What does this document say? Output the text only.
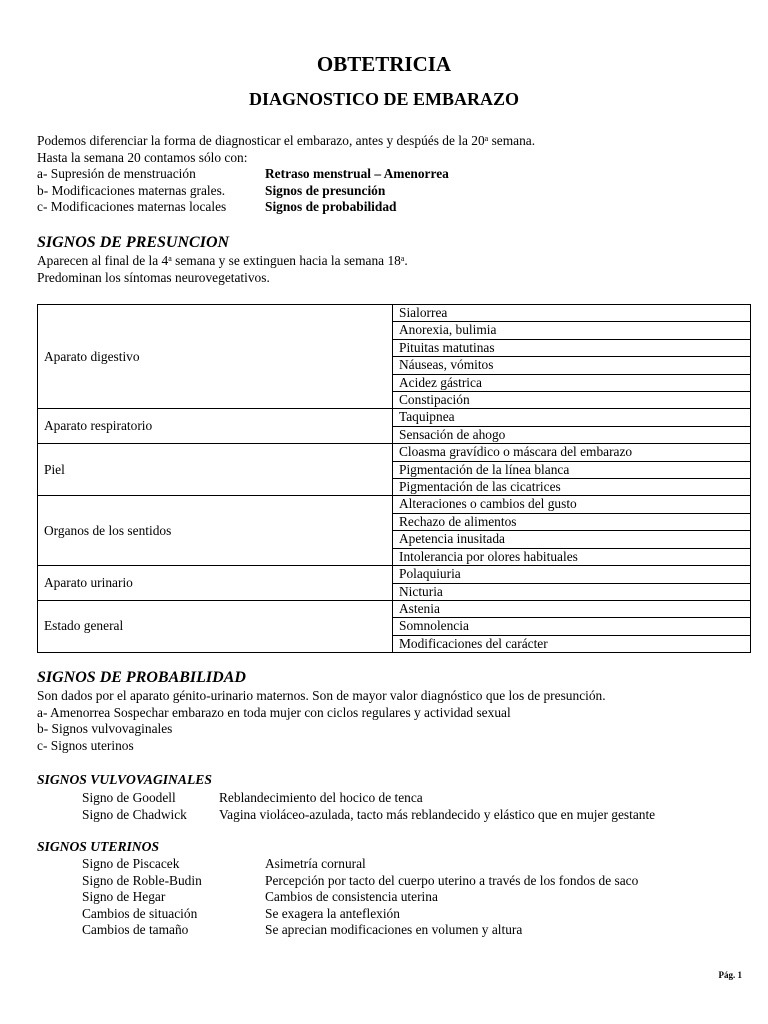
OBTETRICIA
DIAGNOSTICO DE EMBARAZO
Podemos diferenciar la forma de diagnosticar el embarazo, antes y despúés de la 20$^a$ semana.
Hasta la semana 20 contamos sólo con:
a- Supresión de menstruación	Retraso menstrual – Amenorrea
b- Modificaciones maternas grales.	Signos de presunción
c- Modificaciones maternas locales	Signos de probabilidad
SIGNOS DE PRESUNCION
Aparecen al final de la 4$^a$ semana y se extinguen hacia la semana 18$^a$.
Predominan los síntomas neurovegetativos.
Aparato digestivo	Sialorrea
	Anorexia, bulimia
	Pituitas matutinas
	Náuseas, vómitos
	Acidez gástrica
	Constipación
Aparato respiratorio	Taquipnea
	Sensación de ahogo
Piel	Cloasma gravídico o máscara del embarazo
	Pigmentación de la línea blanca
	Pigmentación de las cicatrices
Organos de los sentidos	Alteraciones o cambios del gusto
	Rechazo de alimentos
	Apetencia inusitada
	Intolerancia por olores habituales
Aparato urinario	Polaquiuria
	Nicturia
Estado general	Astenia
	Somnolencia
	Modificaciones del carácter
SIGNOS DE PROBABILIDAD
Son dados por el aparato génito-urinario maternos. Son de mayor valor diagnóstico que los de presunción.
a- Amenorrea Sospechar embarazo en toda mujer con ciclos regulares y actividad sexual
b- Signos vulvovaginales
c- Signos uterinos
SIGNOS VULVOVAGINALES
Signo de Goodell	Reblandecimiento del hocico de tenca
Signo de Chadwick Vagina violáceo-azulada, tacto más reblandecido y elástico que en mujer gestante
SIGNOS UTERINOS
Signo de Piscacek	Asimetría cornural
Signo de Roble-Budin	Percepción por tacto del cuerpo uterino a través de los fondos de saco
Signo de Hegar	Cambios de consistencia uterina
Cambios de situación	Se exagera la anteflexión
Cambios de tamaño	Se aprecian modificaciones en volumen y altura
Pág. 1
